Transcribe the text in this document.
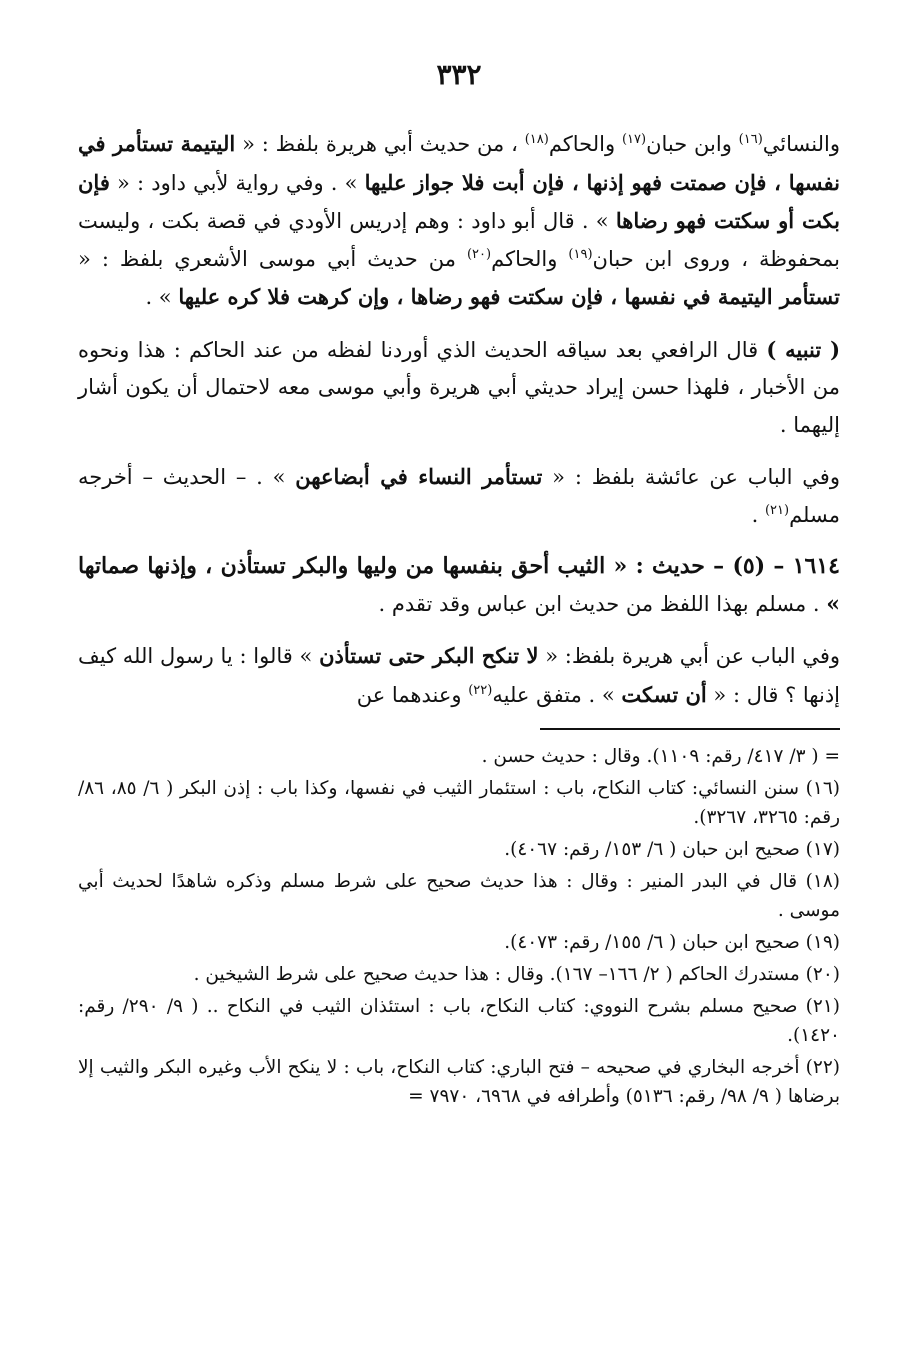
٣٣٢

والنسائي$^{(١٦)}$ وابن حبان$^{(١٧)}$ والحاكم$^{(١٨)}$ ، من حديث أبي هريرة بلفظ : « اليتيمة تستأمر في نفسها ، فإن صمتت فهو إذنها ، فإن أبت فلا جواز عليها » . وفي رواية لأبي داود : « فإن بكت أو سكتت فهو رضاها » . قال أبو داود : وهم إدريس الأودي في قصة بكت ، وليست بمحفوظة ، وروى ابن حبان$^{(١٩)}$ والحاكم$^{(٢٠)}$ من حديث أبي موسى الأشعري بلفظ : « تستأمر اليتيمة في نفسها ، فإن سكتت فهو رضاها ، وإن كرهت فلا كره عليها » .

( تنبيه ) قال الرافعي بعد سياقه الحديث الذي أوردنا لفظه من عند الحاكم : هذا ونحوه من الأخبار ، فلهذا حسن إيراد حديثي أبي هريرة وأبي موسى معه لاحتمال أن يكون أشار إليهما .

وفي الباب عن عائشة بلفظ : « تستأمر النساء في أبضاعهن » . – الحديث – أخرجه مسلم$^{(٢١)}$ .

١٦١٤ – (٥) – حديث : « الثيب أحق بنفسها من وليها والبكر تستأذن ، وإذنها صماتها » . مسلم بهذا اللفظ من حديث ابن عباس وقد تقدم .

وفي الباب عن أبي هريرة بلفظ: « لا تنكح البكر حتى تستأذن » قالوا : يا رسول الله كيف إذنها ؟ قال : « أن تسكت » . متفق عليه$^{(٢٢)}$ وعندهما عن

= ( ٣/ ٤١٧/ رقم: ١١٠٩). وقال : حديث حسن .
(١٦) سنن النسائي: كتاب النكاح، باب : استئمار الثيب في نفسها، وكذا باب : إذن البكر ( ٦/ ٨٥، ٨٦/ رقم: ٣٢٦٥، ٣٢٦٧).
(١٧) صحيح ابن حبان ( ٦/ ١٥٣/ رقم: ٤٠٦٧).
(١٨) قال في البدر المنير : وقال : هذا حديث صحيح على شرط مسلم وذكره شاهدًا لحديث أبي موسى .
(١٩) صحيح ابن حبان ( ٦/ ١٥٥/ رقم: ٤٠٧٣).
(٢٠) مستدرك الحاكم ( ٢/ ١٦٦– ١٦٧). وقال : هذا حديث صحيح على شرط الشيخين .
(٢١) صحيح مسلم بشرح النووي: كتاب النكاح، باب : استئذان الثيب في النكاح .. ( ٩/ ٢٩٠/ رقم: ١٤٢٠).
(٢٢) أخرجه البخاري في صحيحه – فتح الباري: كتاب النكاح، باب : لا ينكح الأب وغيره البكر والثيب إلا برضاها ( ٩/ ٩٨/ رقم: ٥١٣٦) وأطرافه في ٦٩٦٨، ٧٩٧٠ =
